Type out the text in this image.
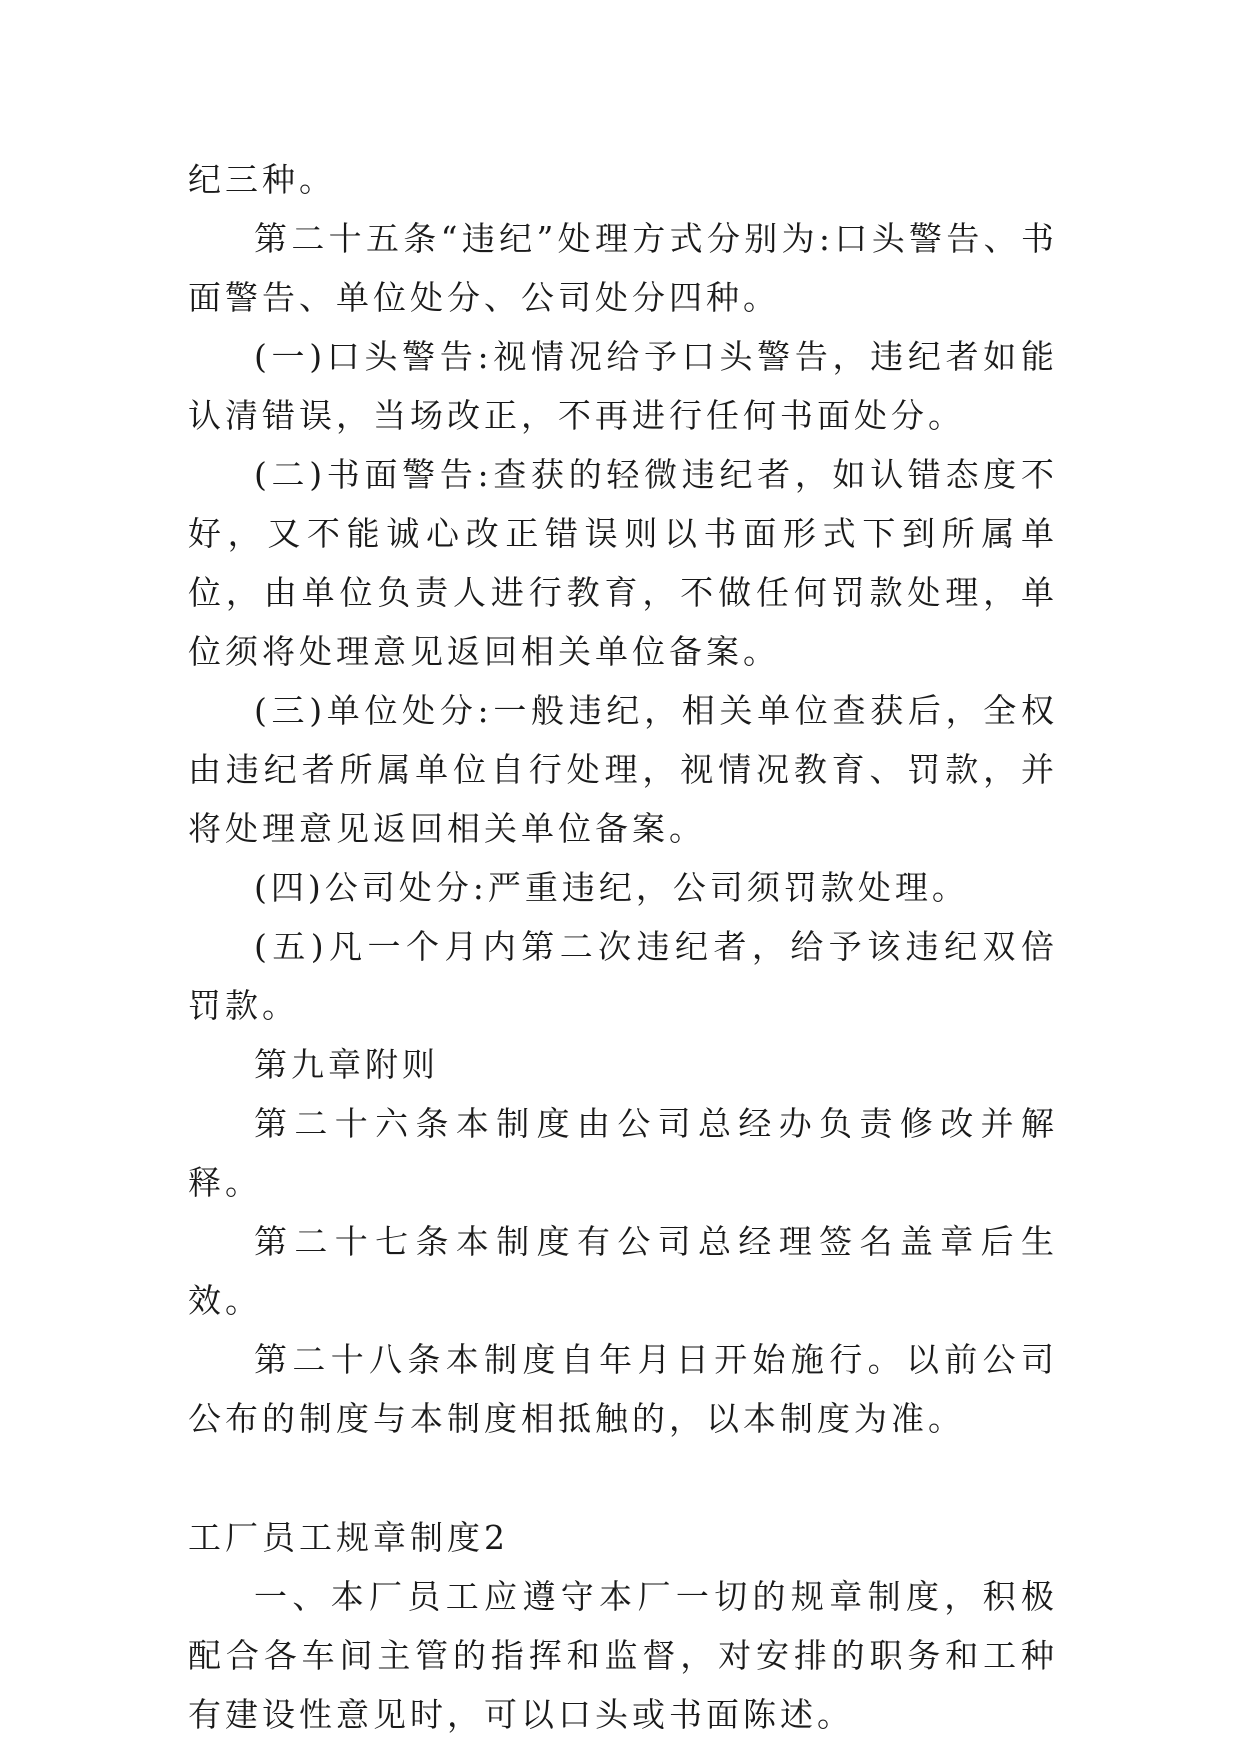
纪三种。

第二十五条“违纪”处理方式分别为:口头警告、书面警告、单位处分、公司处分四种。

(一)口头警告:视情况给予口头警告，违纪者如能认清错误，当场改正，不再进行任何书面处分。

(二)书面警告:查获的轻微违纪者，如认错态度不好，又不能诚心改正错误则以书面形式下到所属单位，由单位负责人进行教育，不做任何罚款处理，单位须将处理意见返回相关单位备案。

(三)单位处分:一般违纪，相关单位查获后，全权由违纪者所属单位自行处理，视情况教育、罚款，并将处理意见返回相关单位备案。

(四)公司处分:严重违纪，公司须罚款处理。

(五)凡一个月内第二次违纪者，给予该违纪双倍罚款。

第九章附则

第二十六条本制度由公司总经办负责修改并解释。

第二十七条本制度有公司总经理签名盖章后生效。

第二十八条本制度自年月日开始施行。以前公司公布的制度与本制度相抵触的，以本制度为准。

工厂员工规章制度2

一、本厂员工应遵守本厂一切的规章制度，积极配合各车间主管的指挥和监督，对安排的职务和工种有建设性意见时，可以口头或书面陈述。
